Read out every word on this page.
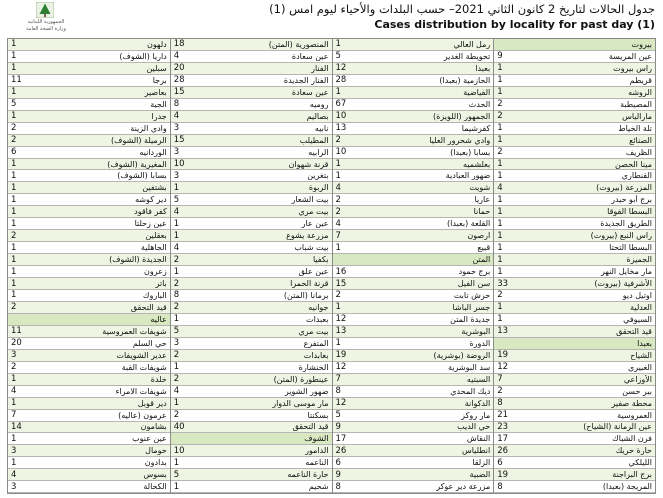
الجمهورية اللبنانية
وزارة الصحة العامة
جدول الحالات لتاريخ 2 كانون الثاني 2021– حسب البلدات والأحياء ليوم امس (1)
Cases distribution by locality for past day (1)
بيروت
عين المريسة
9
راس بيروت
1
قريطم
1
الروشه
1
المصيطبة
2
مارالياس
2
تلة الخياط
1
الصنائع
1
الظريف
2
مينا الحصن
1
القنطاري
1
المزرعة (بيروت)
4
برج أبو حيدر
1
البسطا الفوقا
1
الطريق الجديدة
1
راس النبع (بيروت)
1
البسطا التحتا
1
الجميزة
1
مار مخايل النهر
1
الأشرفية (بيروت)
33
اوتيل ديو
2
العدلية
1
السيوفي
1
قيد التحقق
13
بعبدا
الشياح
19
الغبيري
12
الأوزاعي
7
بير حسن
2
محطة صفير
8
العمروسية
21
عين الرمانة (الشياح)
23
فرن الشباك
17
حارة حريك
26
الليلكي
6
برج البراجنة
19
المريجة (بعبدا)
8
رمل العالي
1
تحويطة الغدير
5
بعبدا
12
الحازمية (بعبدا)
28
الفياضية
1
الحدث
67
الجمهور (اللويزة)
10
كفرشيما
13
وادي شحرور العليا
2
بسابا (بعبدا)
10
بعلشميه
1
ضهور العبادية
1
شويت
4
عاريا
2
حمانا
2
القلعة (بعبدا)
4
ارصون
7
قبيع
1
المتن
برج حمود
16
سن الفيل
15
حرش تابت
2
جسر الباشا
1
جديدة المتن
12
البوشرية
13
الدورة
1
الروضة (بوشرية)
19
سد البوشرية
12
السبتيه
7
ديك المحدي
8
الدكوانة
12
مار روكز
5
حي الديب
9
النقاش
17
انطلياس
26
الزلقا
6
الضبية
9
مزرعة دير عوكر
8
المنصورية (المتن)
18
عين سعادة
4
الفنار
20
الفنار الجديدة
28
عين سعادة
15
روميه
8
بصاليم
4
نابيه
3
المطيلب
15
الرابيه
3
قرنة شهوان
10
بتغرين
3
الربوة
1
بيت الشعار
5
بيت مري
4
عين عار
1
مزرعة يشوع
1
بيت شباب
4
بكفيا
2
عين علق
1
قرنة الحمرا
2
برمانا (المتن)
8
جوانيه
2
بعبدات
1
بيت مري
5
المتفرع
3
بعابدات
2
الخنشارة
1
عينطورة (المتن)
2
ضهور الشوير
4
مار موسى الدوار
1
بسكنتا
2
قيد التحقق
40
الشوف
الدامور
10
الناعمه
1
حارة الناعمه
5
شحيم
1
دلهون
1
داريا (الشوف)
1
سبلين
1
برجا
11
بعاصير
1
الجية
5
جدرا
1
وادي الزينة
2
الرميلة (الشوف)
2
الوردانيه
6
المغيرية (الشوف)
1
بسابا (الشوف)
1
بشتفين
1
دير كوشه
1
كفر فاقود
1
عين زحلتا
1
بعقلين
2
الجاهلية
1
الجديدة (الشوف)
1
زعرون
1
باتر
1
الباروك
1
قيد التحقق
2
عاليه
شويفات العمروسية
11
حي السلم
20
عدير الشويفات
3
شويفات القبة
2
خلدة
1
شويفات الامراء
4
دير قوبل
1
عرمون (عاليه)
7
بشامون
14
عين عنوب
1
حومال
3
بدادون
1
بسوس
4
الكحالة
3
